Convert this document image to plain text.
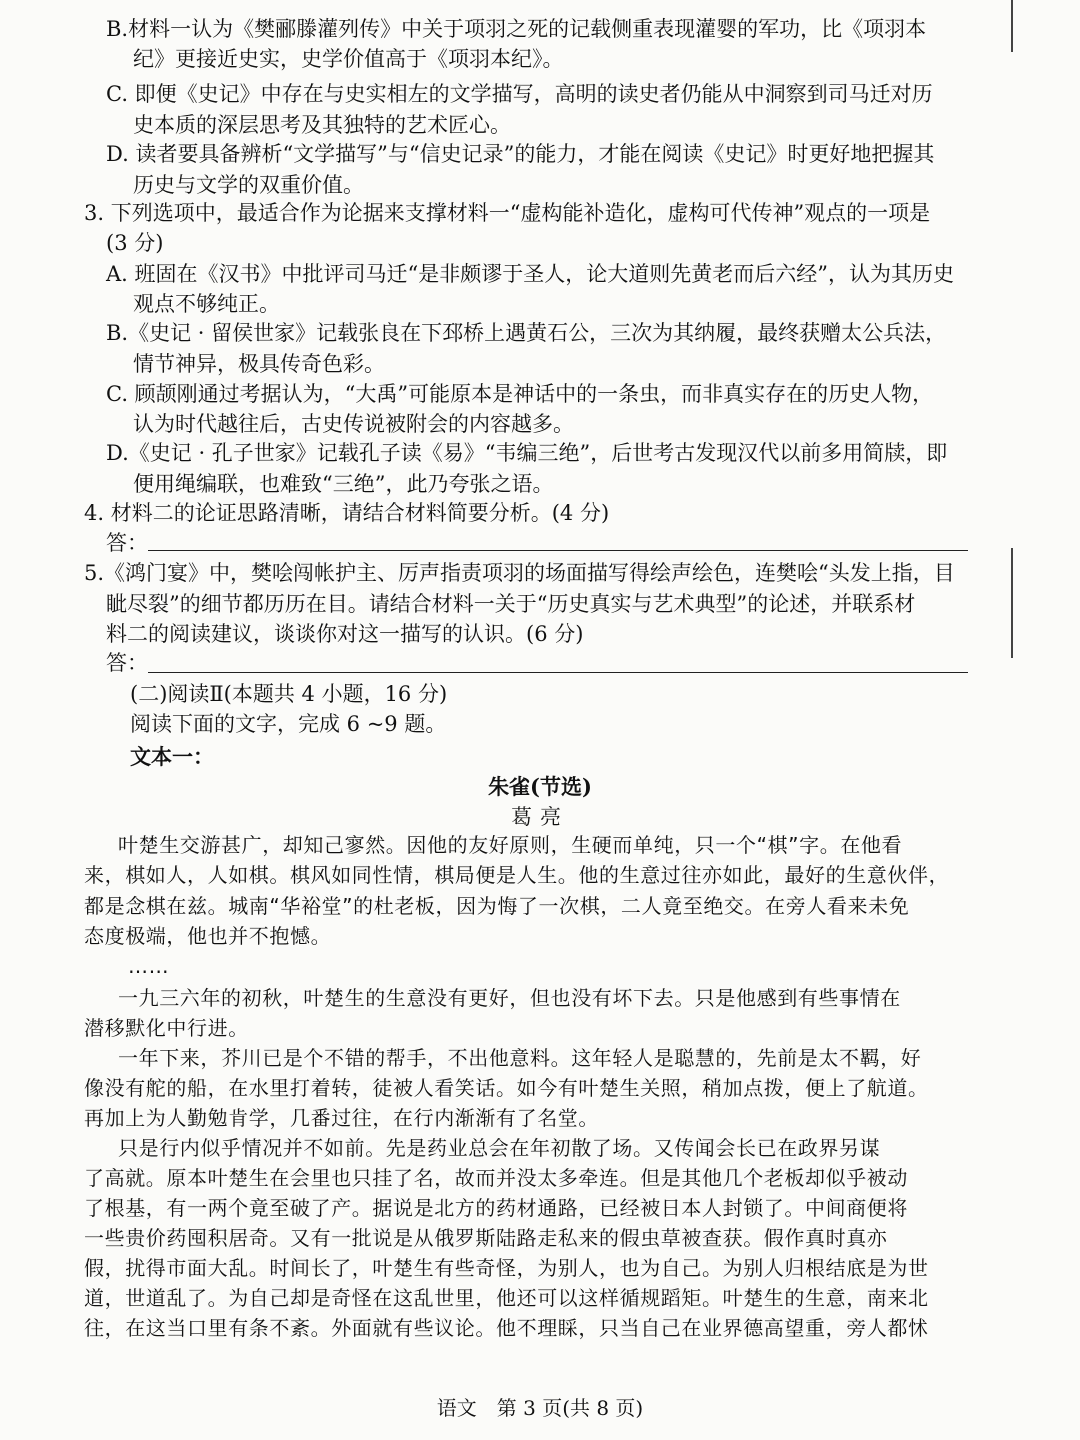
B.材料一认为《樊郦滕灌列传》中关于项羽之死的记载侧重表现灌婴的军功，比《项羽本
纪》更接近史实，史学价值高于《项羽本纪》。
C. 即便《史记》中存在与史实相左的文学描写，高明的读史者仍能从中洞察到司马迁对历
史本质的深层思考及其独特的艺术匠心。
D. 读者要具备辨析“文学描写”与“信史记录”的能力，才能在阅读《史记》时更好地把握其
历史与文学的双重价值。
3. 下列选项中，最适合作为论据来支撑材料一“虚构能补造化，虚构可代传神”观点的一项是
(3 分)
A. 班固在《汉书》中批评司马迁“是非颇谬于圣人，论大道则先黄老而后六经”，认为其历史
观点不够纯正。
B.《史记 · 留侯世家》记载张良在下邳桥上遇黄石公，三次为其纳履，最终获赠太公兵法，
情节神异，极具传奇色彩。
C. 顾颉刚通过考据认为，“大禹”可能原本是神话中的一条虫，而非真实存在的历史人物，
认为时代越往后，古史传说被附会的内容越多。
D.《史记 · 孔子世家》记载孔子读《易》“韦编三绝”，后世考古发现汉代以前多用简牍，即
便用绳编联，也难致“三绝”，此乃夸张之语。
4. 材料二的论证思路清晰，请结合材料简要分析。(4 分)
答：
5.《鸿门宴》中，樊哙闯帐护主、厉声指责项羽的场面描写得绘声绘色，连樊哙“头发上指，目
眦尽裂”的细节都历历在目。请结合材料一关于“历史真实与艺术典型”的论述，并联系材
料二的阅读建议，谈谈你对这一描写的认识。(6 分)
答：
(二)阅读Ⅱ(本题共 4 小题，16 分)
阅读下面的文字，完成 6 ~9 题。
文本一：
朱雀(节选)
葛亮
叶楚生交游甚广，却知己寥然。因他的友好原则，生硬而单纯，只一个“棋”字。在他看
来，棋如人，人如棋。棋风如同性情，棋局便是人生。他的生意过往亦如此，最好的生意伙伴，
都是念棋在兹。城南“华裕堂”的杜老板，因为悔了一次棋，二人竟至绝交。在旁人看来未免
态度极端，他也并不抱憾。
……
一九三六年的初秋，叶楚生的生意没有更好，但也没有坏下去。只是他感到有些事情在
潜移默化中行进。
一年下来，芥川已是个不错的帮手，不出他意料。这年轻人是聪慧的，先前是太不羁，好
像没有舵的船，在水里打着转，徒被人看笑话。如今有叶楚生关照，稍加点拨，便上了航道。
再加上为人勤勉肯学，几番过往，在行内渐渐有了名堂。
只是行内似乎情况并不如前。先是药业总会在年初散了场。又传闻会长已在政界另谋
了高就。原本叶楚生在会里也只挂了名，故而并没太多牵连。但是其他几个老板却似乎被动
了根基，有一两个竟至破了产。据说是北方的药材通路，已经被日本人封锁了。中间商便将
一些贵价药囤积居奇。又有一批说是从俄罗斯陆路走私来的假虫草被查获。假作真时真亦
假，扰得市面大乱。时间长了，叶楚生有些奇怪，为别人，也为自己。为别人归根结底是为世
道，世道乱了。为自己却是奇怪在这乱世里，他还可以这样循规蹈矩。叶楚生的生意，南来北
往，在这当口里有条不紊。外面就有些议论。他不理睬，只当自己在业界德高望重，旁人都怵
语文　第 3 页(共 8 页)
